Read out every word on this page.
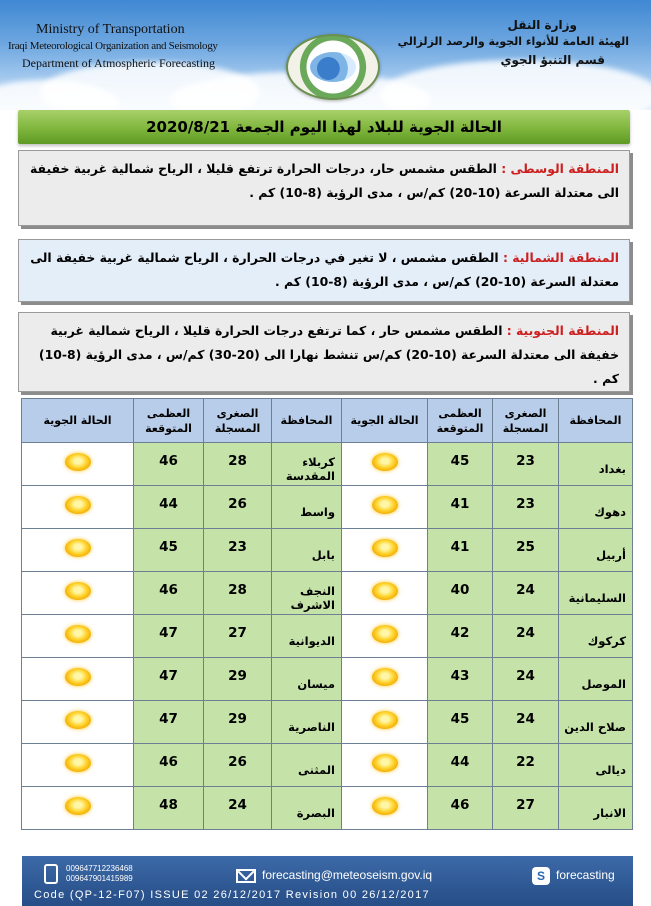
Ministry of Transportation
Iraqi Meteorological Organization and Seismology
Department of Atmospheric Forecasting
وزارة النقل
الهيئة العامة للأنواء الجوية والرصد الزلزالي
قسم التنبؤ الجوي
الحالة الجوية للبلاد لهذا اليوم الجمعة 2020/8/21
المنطقة الوسطى : الطقس مشمس حار، درجات الحرارة ترتفع قليلا ، الرياح شمالية غربية خفيفة الى معتدلة السرعة (10-20) كم/س ، مدى الرؤية (8-10) كم .
المنطقة الشمالية : الطقس مشمس ، لا تغير في درجات الحرارة ، الرياح شمالية غربية خفيفة الى معتدلة السرعة (10-20) كم/س ، مدى الرؤية (8-10) كم .
المنطقة الجنوبية : الطقس مشمس حار ، كما ترتفع درجات الحرارة قليلا ، الرياح شمالية غربية خفيفة الى معتدلة السرعة (10-20) كم/س تنشط نهارا الى (20-30) كم/س ، مدى الرؤية (8-10) كم .
المحافظة	الصغرى المسجلة	العظمى المتوقعة	الحالة الجوية	المحافظة	الصغرى المسجلة	العظمى المتوقعة	الحالة الجوية
بغداد	23	45		كربلاء المقدسة	28	46	
دهوك	23	41		واسط	26	44	
أربيل	25	41		بابل	23	45	
السليمانية	24	40		النجف الاشرف	28	46	
كركوك	24	42		الديوانية	27	47	
الموصل	24	43		ميسان	29	47	
صلاح الدين	24	45		الناصرية	29	47	
ديالى	22	44		المثنى	26	46	
الانبار	27	46		البصرة	24	48	
009647712236468
009647901415989	forecasting@meteoseism.gov.iq	S forecasting
Code (QP-12-F07) ISSUE 02 26/12/2017 Revision 00 26/12/2017
